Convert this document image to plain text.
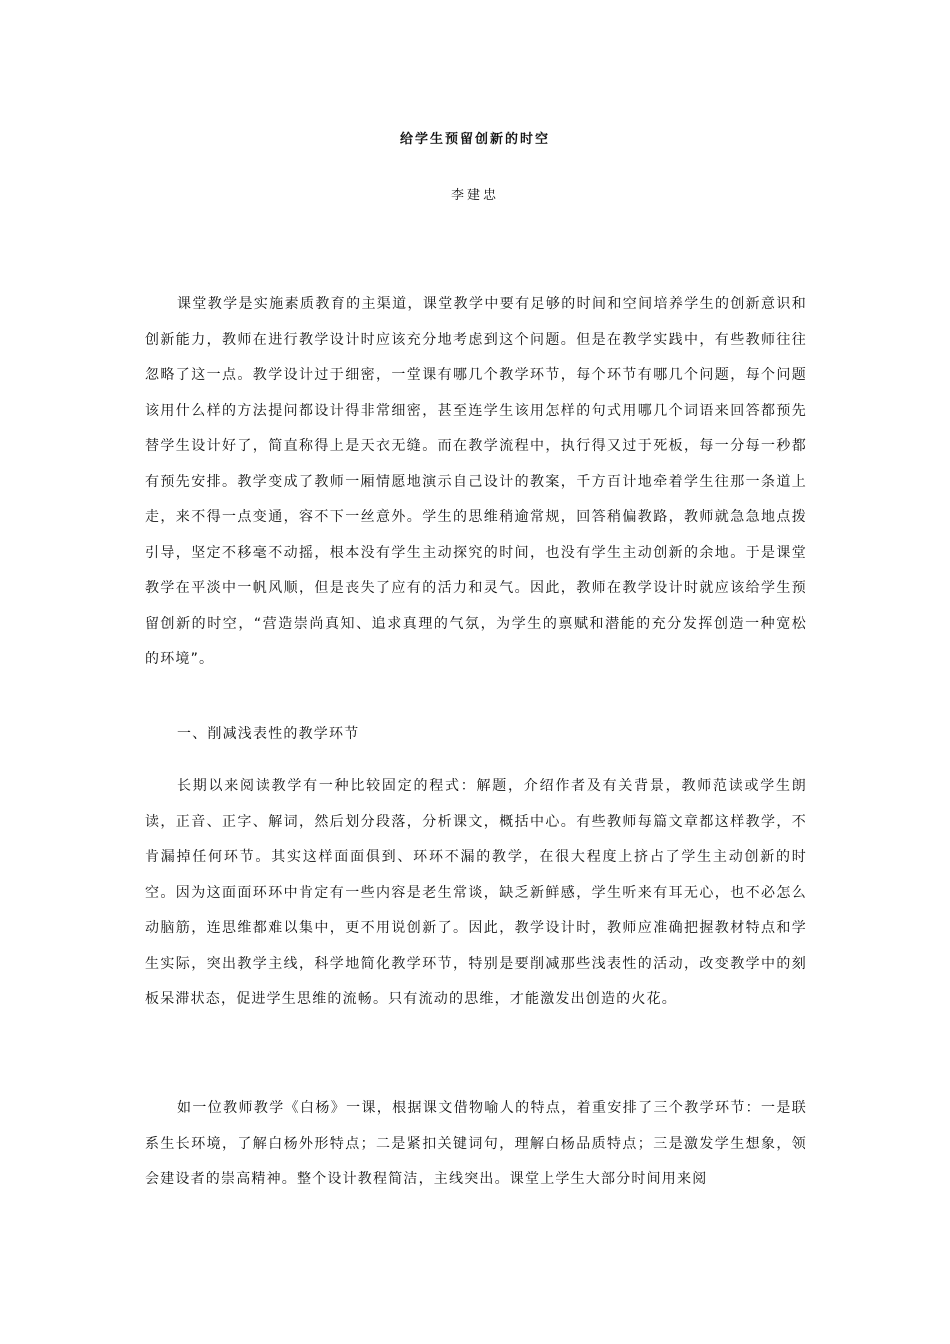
给学生预留创新的时空
李建忠

课堂教学是实施素质教育的主渠道，课堂教学中要有足够的时间和空间培养学生的创新意识和创新能力，教师在进行教学设计时应该充分地考虑到这个问题。但是在教学实践中，有些教师往往忽略了这一点。教学设计过于细密，一堂课有哪几个教学环节，每个环节有哪几个问题，每个问题该用什么样的方法提问都设计得非常细密，甚至连学生该用怎样的句式用哪几个词语来回答都预先替学生设计好了，简直称得上是天衣无缝。而在教学流程中，执行得又过于死板，每一分每一秒都有预先安排。教学变成了教师一厢情愿地演示自己设计的教案，千方百计地牵着学生往那一条道上走，来不得一点变通，容不下一丝意外。学生的思维稍逾常规，回答稍偏教路，教师就急急地点拨引导，坚定不移毫不动摇，根本没有学生主动探究的时间，也没有学生主动创新的余地。于是课堂教学在平淡中一帆风顺，但是丧失了应有的活力和灵气。因此，教师在教学设计时就应该给学生预留创新的时空，“营造崇尚真知、追求真理的气氛，为学生的禀赋和潜能的充分发挥创造一种宽松的环境”。

一、削减浅表性的教学环节

长期以来阅读教学有一种比较固定的程式：解题，介绍作者及有关背景，教师范读或学生朗读，正音、正字、解词，然后划分段落，分析课文，概括中心。有些教师每篇文章都这样教学，不肯漏掉任何环节。其实这样面面俱到、环环不漏的教学，在很大程度上挤占了学生主动创新的时空。因为这面面环环中肯定有一些内容是老生常谈，缺乏新鲜感，学生听来有耳无心，也不必怎么动脑筋，连思维都难以集中，更不用说创新了。因此，教学设计时，教师应准确把握教材特点和学生实际，突出教学主线，科学地简化教学环节，特别是要削减那些浅表性的活动，改变教学中的刻板呆滞状态，促进学生思维的流畅。只有流动的思维，才能激发出创造的火花。

如一位教师教学《白杨》一课，根据课文借物喻人的特点，着重安排了三个教学环节：一是联系生长环境，了解白杨外形特点；二是紧扣关键词句，理解白杨品质特点；三是激发学生想象，领会建设者的崇高精神。整个设计教程简洁，主线突出。课堂上学生大部分时间用来阅
